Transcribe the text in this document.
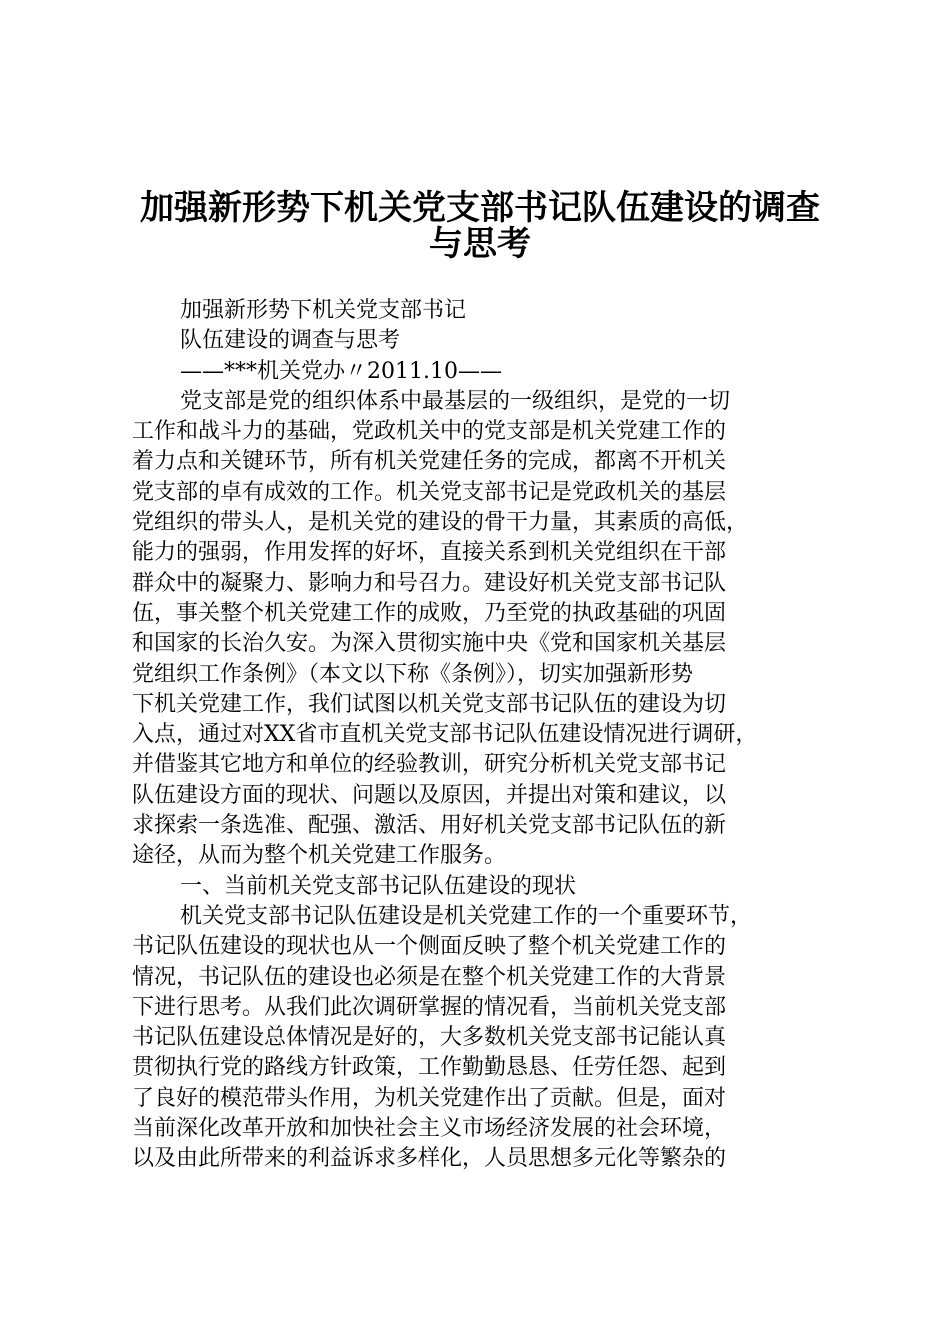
加强新形势下机关党支部书记队伍建设的调查
与思考
加强新形势下机关党支部书记
队伍建设的调查与思考
——***机关党办〃2011.10——
党支部是党的组织体系中最基层的一级组织，是党的一切
工作和战斗力的基础，党政机关中的党支部是机关党建工作的
着力点和关键环节，所有机关党建任务的完成，都离不开机关
党支部的卓有成效的工作。机关党支部书记是党政机关的基层
党组织的带头人，是机关党的建设的骨干力量，其素质的高低，
能力的强弱，作用发挥的好坏，直接关系到机关党组织在干部
群众中的凝聚力、影响力和号召力。建设好机关党支部书记队
伍，事关整个机关党建工作的成败，乃至党的执政基础的巩固
和国家的长治久安。为深入贯彻实施中央《党和国家机关基层
党组织工作条例》（本文以下称《条例》），切实加强新形势
下机关党建工作，我们试图以机关党支部书记队伍的建设为切
入点，通过对XX省市直机关党支部书记队伍建设情况进行调研，
并借鉴其它地方和单位的经验教训，研究分析机关党支部书记
队伍建设方面的现状、问题以及原因，并提出对策和建议，以
求探索一条选准、配强、激活、用好机关党支部书记队伍的新
途径，从而为整个机关党建工作服务。
一、当前机关党支部书记队伍建设的现状
机关党支部书记队伍建设是机关党建工作的一个重要环节，
书记队伍建设的现状也从一个侧面反映了整个机关党建工作的
情况，书记队伍的建设也必须是在整个机关党建工作的大背景
下进行思考。从我们此次调研掌握的情况看，当前机关党支部
书记队伍建设总体情况是好的，大多数机关党支部书记能认真
贯彻执行党的路线方针政策，工作勤勤恳恳、任劳任怨、起到
了良好的模范带头作用，为机关党建作出了贡献。但是，面对
当前深化改革开放和加快社会主义市场经济发展的社会环境，
以及由此所带来的利益诉求多样化，人员思想多元化等繁杂的
